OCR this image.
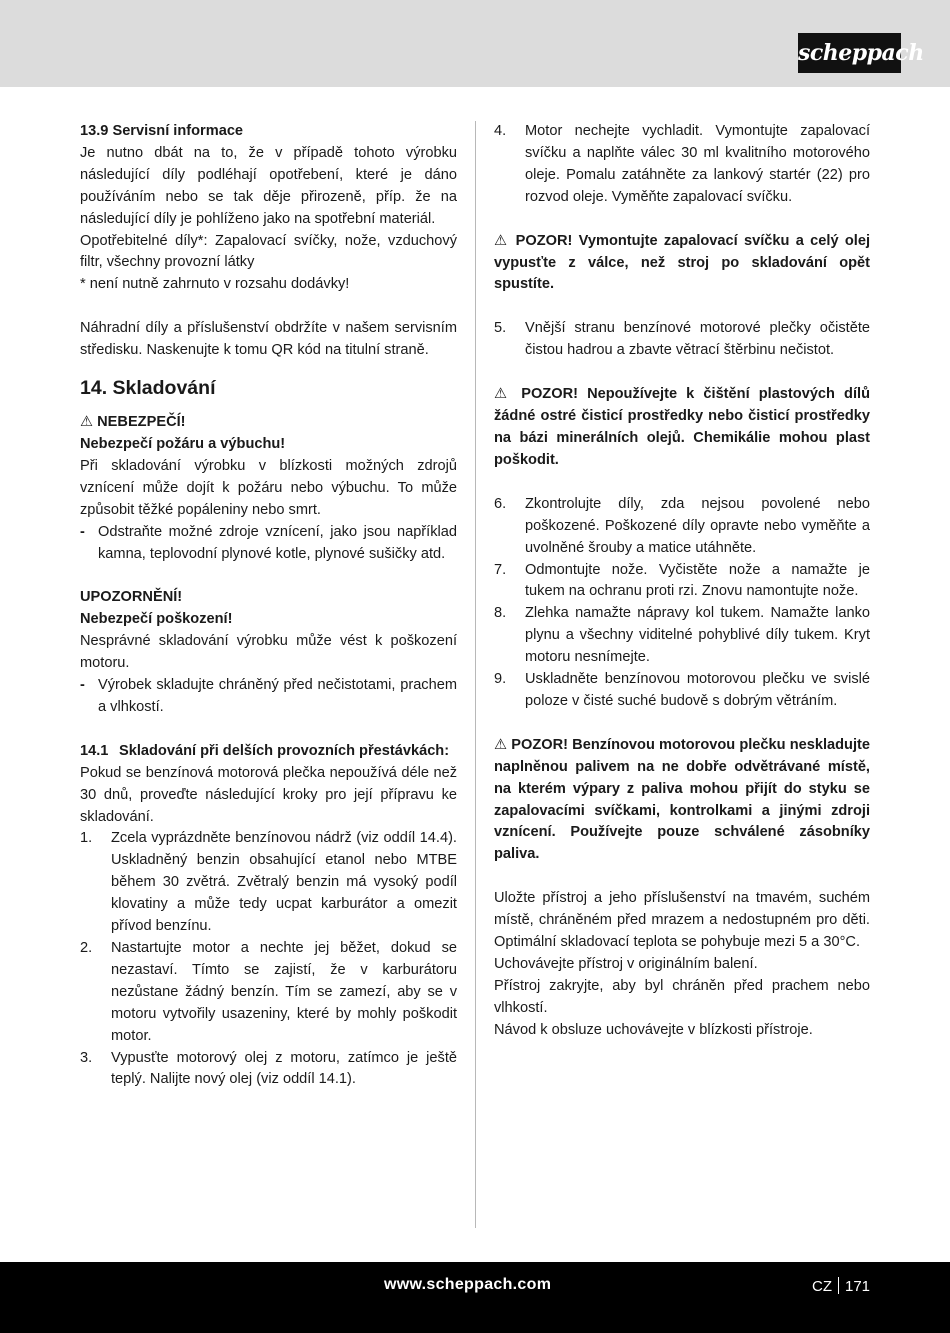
scheppach

13.9 Servisní informace

Je nutno dbát na to, že v případě tohoto výrobku následující díly podléhají opotřebení, které je dáno používáním nebo se tak děje přirozeně, příp. že na následující díly je pohlíženo jako na spotřební materiál.

Opotřebitelné díly*: Zapalovací svíčky, nože, vzduchový filtr, všechny provozní látky

* není nutně zahrnuto v rozsahu dodávky!

Náhradní díly a příslušenství obdržíte v našem servisním středisku. Naskenujte k tomu QR kód na titulní straně.

14. Skladování

⚠ NEBEZPEČÍ!

Nebezpečí požáru a výbuchu!

Při skladování výrobku v blízkosti možných zdrojů vznícení může dojít k požáru nebo výbuchu. To může způsobit těžké popáleniny nebo smrt.

- Odstraňte možné zdroje vznícení, jako jsou například kamna, teplovodní plynové kotle, plynové sušičky atd.

UPOZORNĚNÍ!

Nebezpečí poškození!

Nesprávné skladování výrobku může vést k poškození motoru.

- Výrobek skladujte chráněný před nečistotami, prachem a vlhkostí.

14.1 Skladování při delších provozních přestávkách:

Pokud se benzínová motorová plečka nepoužívá déle než 30 dnů, proveďte následující kroky pro její přípravu ke skladování.

1.	Zcela vyprázdněte benzínovou nádrž (viz oddíl 14.4). Uskladněný benzin obsahující etanol nebo MTBE během 30 zvětrá. Zvětralý benzin má vysoký podíl klovatiny a může tedy ucpat karburátor a omezit přívod benzínu.
2.	Nastartujte motor a nechte jej běžet, dokud se nezastaví. Tímto se zajistí, že v karburátoru nezůstane žádný benzín. Tím se zamezí, aby se v motoru vytvořily usazeniny, které by mohly poškodit motor.
3.	Vypusťte motorový olej z motoru, zatímco je ještě teplý. Nalijte nový olej (viz oddíl 14.1).
4.	Motor nechejte vychladit. Vymontujte zapalovací svíčku a naplňte válec 30 ml kvalitního motorového oleje. Pomalu zatáhněte za lankový startér (22) pro rozvod oleje. Vyměňte zapalovací svíčku.

⚠ POZOR! Vymontujte zapalovací svíčku a celý olej vypusťte z válce, než stroj po skladování opět spustíte.

5.	Vnější stranu benzínové motorové plečky očistěte čistou hadrou a zbavte větrací štěrbinu nečistot.

⚠ POZOR! Nepoužívejte k čištění plastových dílů žádné ostré čisticí prostředky nebo čisticí prostředky na bázi minerálních olejů. Chemikálie mohou plast poškodit.

6.	Zkontrolujte díly, zda nejsou povolené nebo poškozené. Poškozené díly opravte nebo vyměňte a uvolněné šrouby a matice utáhněte.
7.	Odmontujte nože. Vyčistěte nože a namažte je tukem na ochranu proti rzi. Znovu namontujte nože.
8.	Zlehka namažte nápravy kol tukem. Namažte lanko plynu a všechny viditelné pohyblivé díly tukem. Kryt motoru nesnímejte.
9.	Uskladněte benzínovou motorovou plečku ve svislé poloze v čisté suché budově s dobrým větráním.

⚠ POZOR! Benzínovou motorovou plečku neskladujte naplněnou palivem na ne dobře odvětrávané místě, na kterém výpary z paliva mohou přijít do styku se zapalovacími svíčkami, kontrolkami a jinými zdroji vznícení. Používejte pouze schválené zásobníky paliva.

Uložte přístroj a jeho příslušenství na tmavém, suchém místě, chráněném před mrazem a nedostupném pro děti. Optimální skladovací teplota se pohybuje mezi 5 a 30°C.

Uchovávejte přístroj v originálním balení.

Přístroj zakryjte, aby byl chráněn před prachem nebo vlhkostí.

Návod k obsluze uchovávejte v blízkosti přístroje.

www.scheppach.com	CZ 171
